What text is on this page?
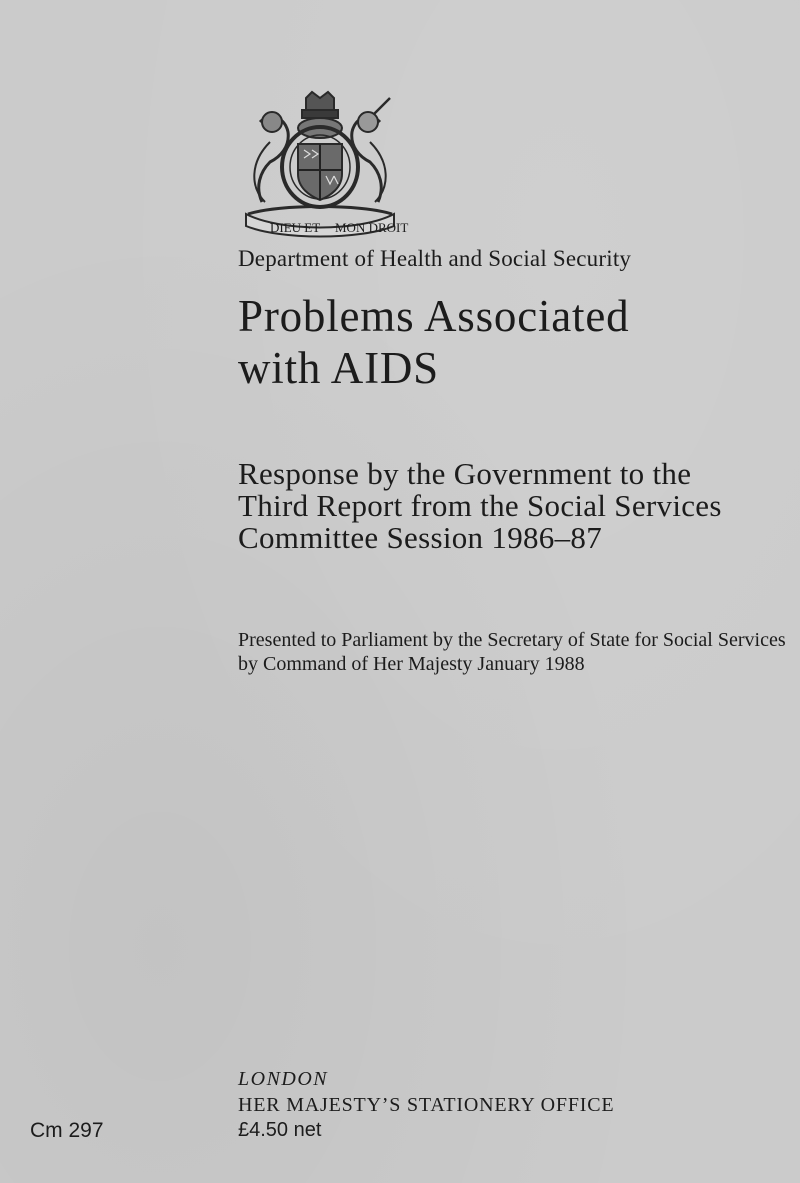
DIEU ET MON DROIT
Department of Health and Social Security
Problems Associated
with AIDS
Response by the Government to the
Third Report from the Social Services
Committee Session 1986–87
Presented to Parliament by the Secretary of State for Social Services
by Command of Her Majesty January 1988
LONDON
HER MAJESTY’S STATIONERY OFFICE
£4.50 net
Cm 297
